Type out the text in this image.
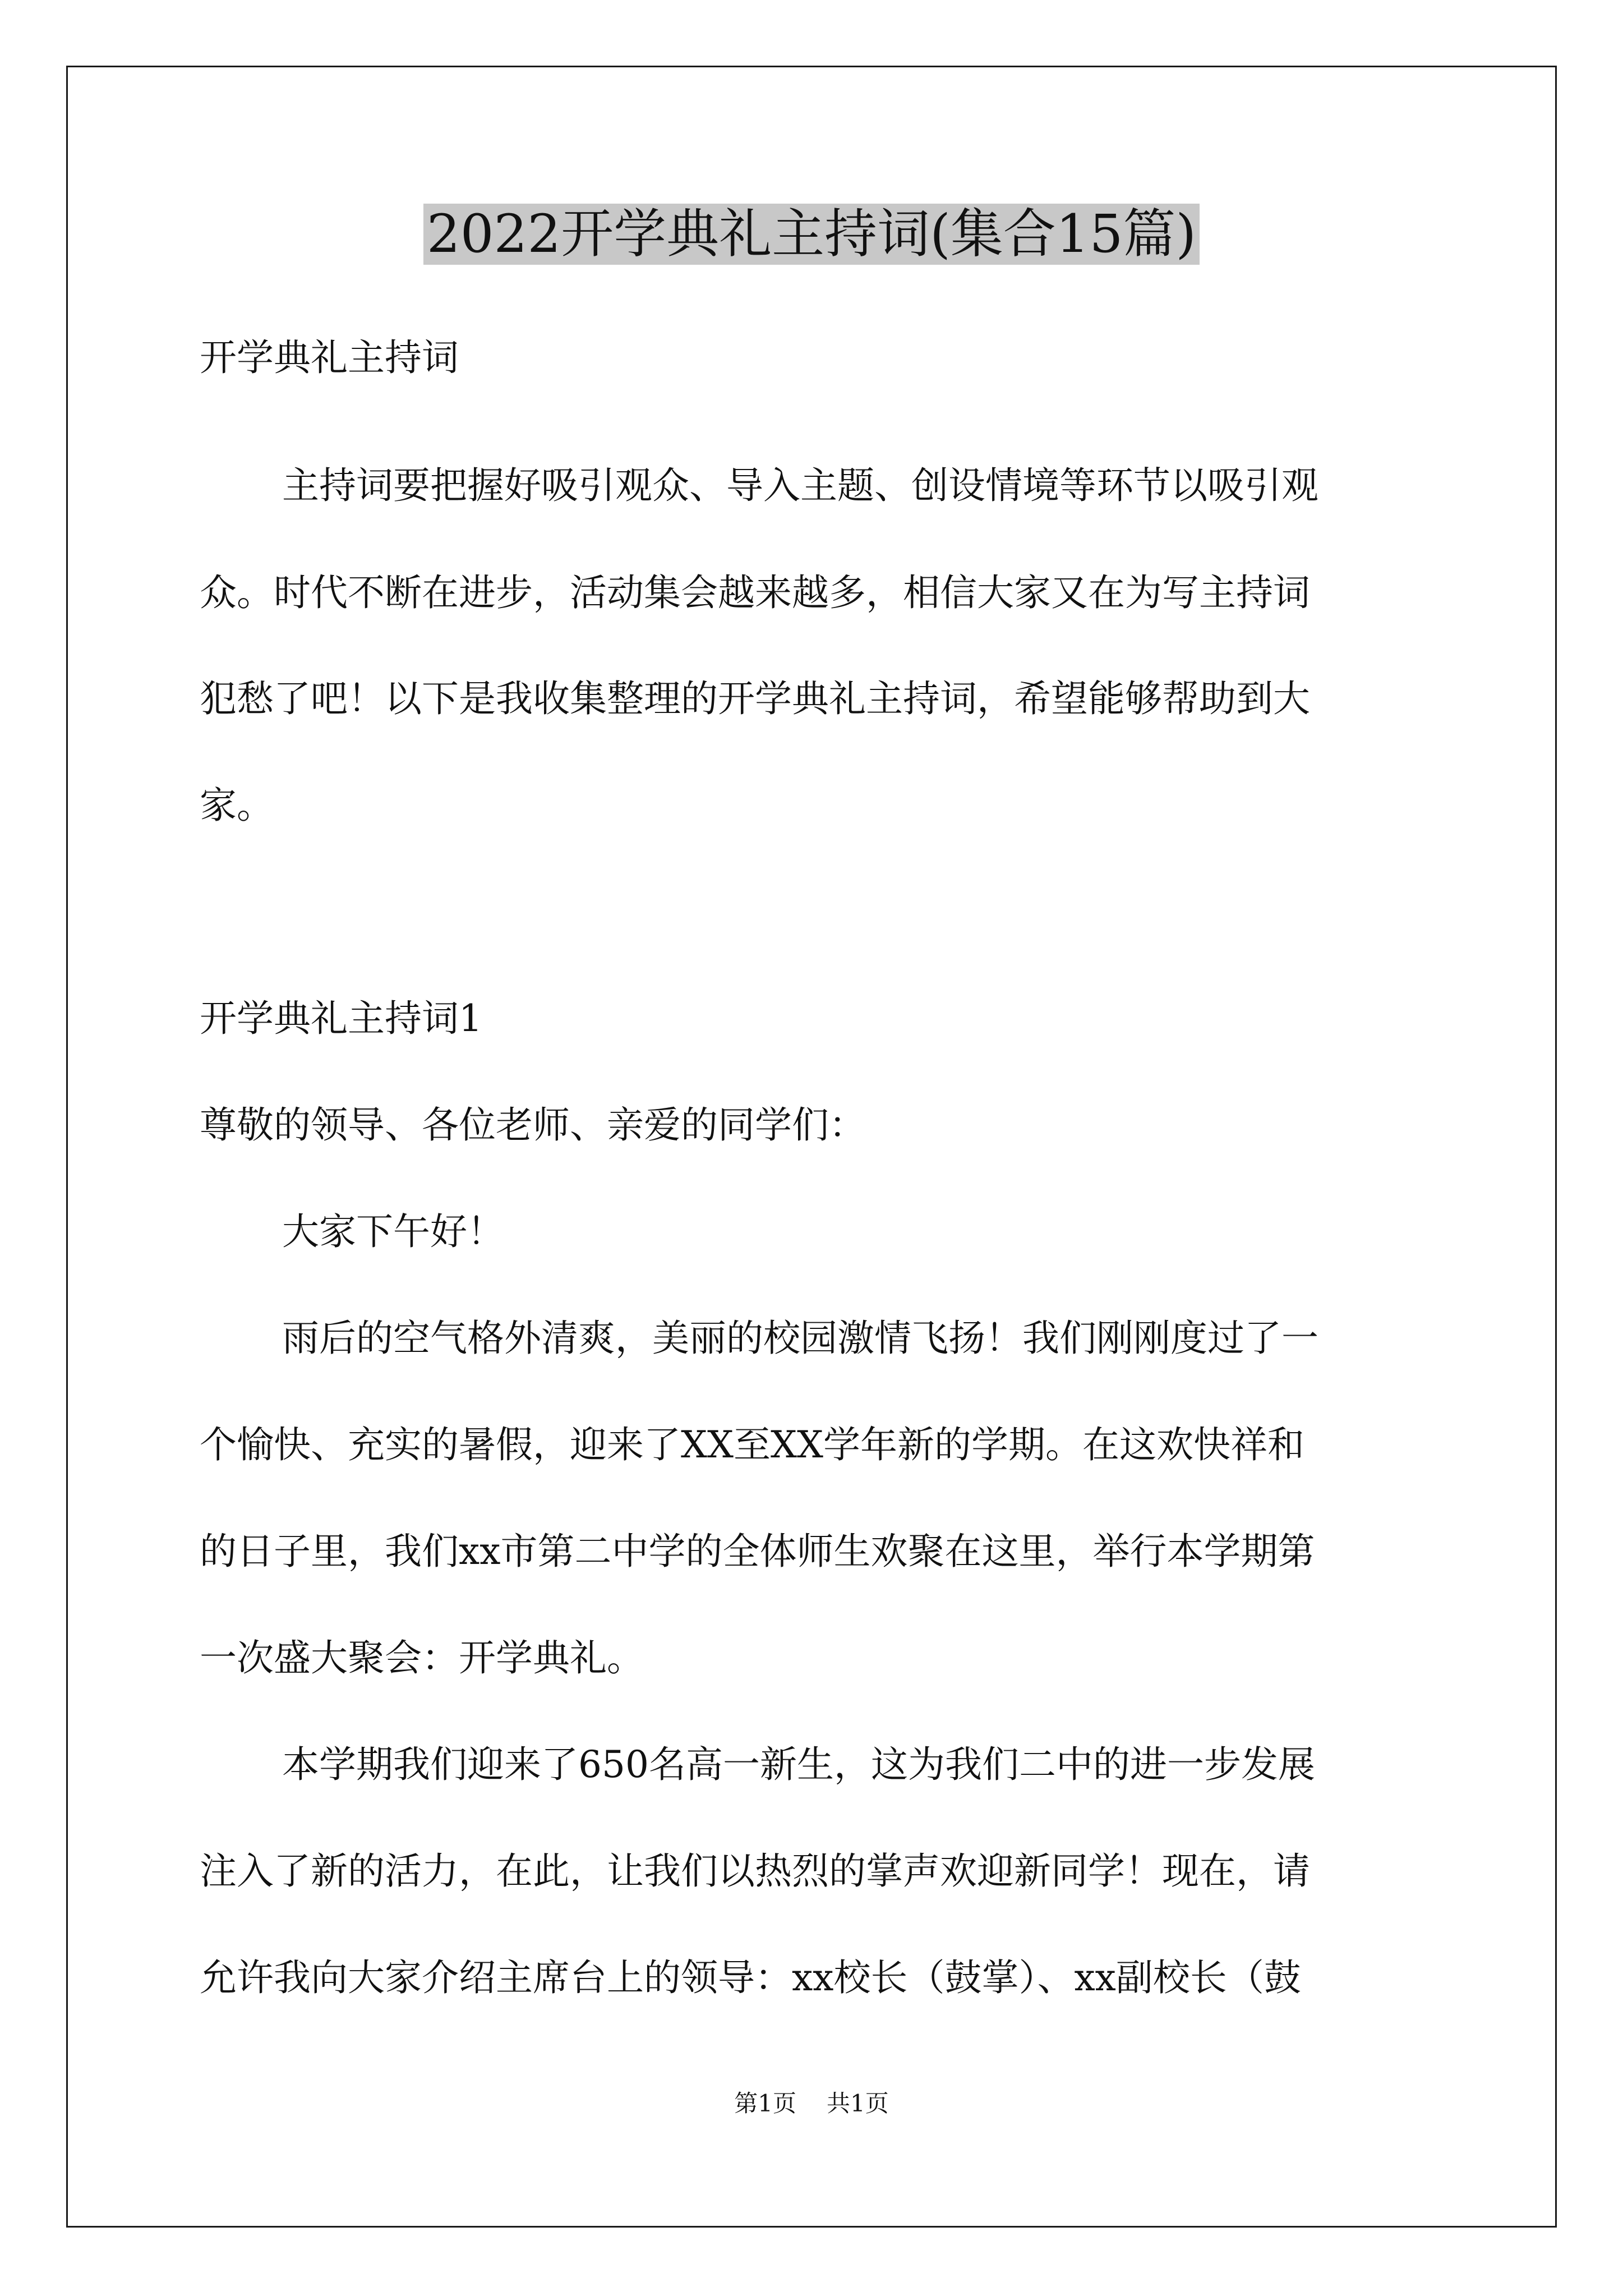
2022开学典礼主持词(集合15篇)

开学典礼主持词

主持词要把握好吸引观众、导入主题、创设情境等环节以吸引观

众。时代不断在进步，活动集会越来越多，相信大家又在为写主持词

犯愁了吧！以下是我收集整理的开学典礼主持词，希望能够帮助到大

家。

开学典礼主持词1

尊敬的领导、各位老师、亲爱的同学们：

大家下午好！

雨后的空气格外清爽，美丽的校园激情飞扬！我们刚刚度过了一

个愉快、充实的暑假，迎来了XX至XX学年新的学期。在这欢快祥和

的日子里，我们xx市第二中学的全体师生欢聚在这里，举行本学期第

一次盛大聚会：开学典礼。

本学期我们迎来了650名高一新生，这为我们二中的进一步发展

注入了新的活力，在此，让我们以热烈的掌声欢迎新同学！现在，请

允许我向大家介绍主席台上的领导：xx校长（鼓掌）、xx副校长（鼓

第1页 共1页
